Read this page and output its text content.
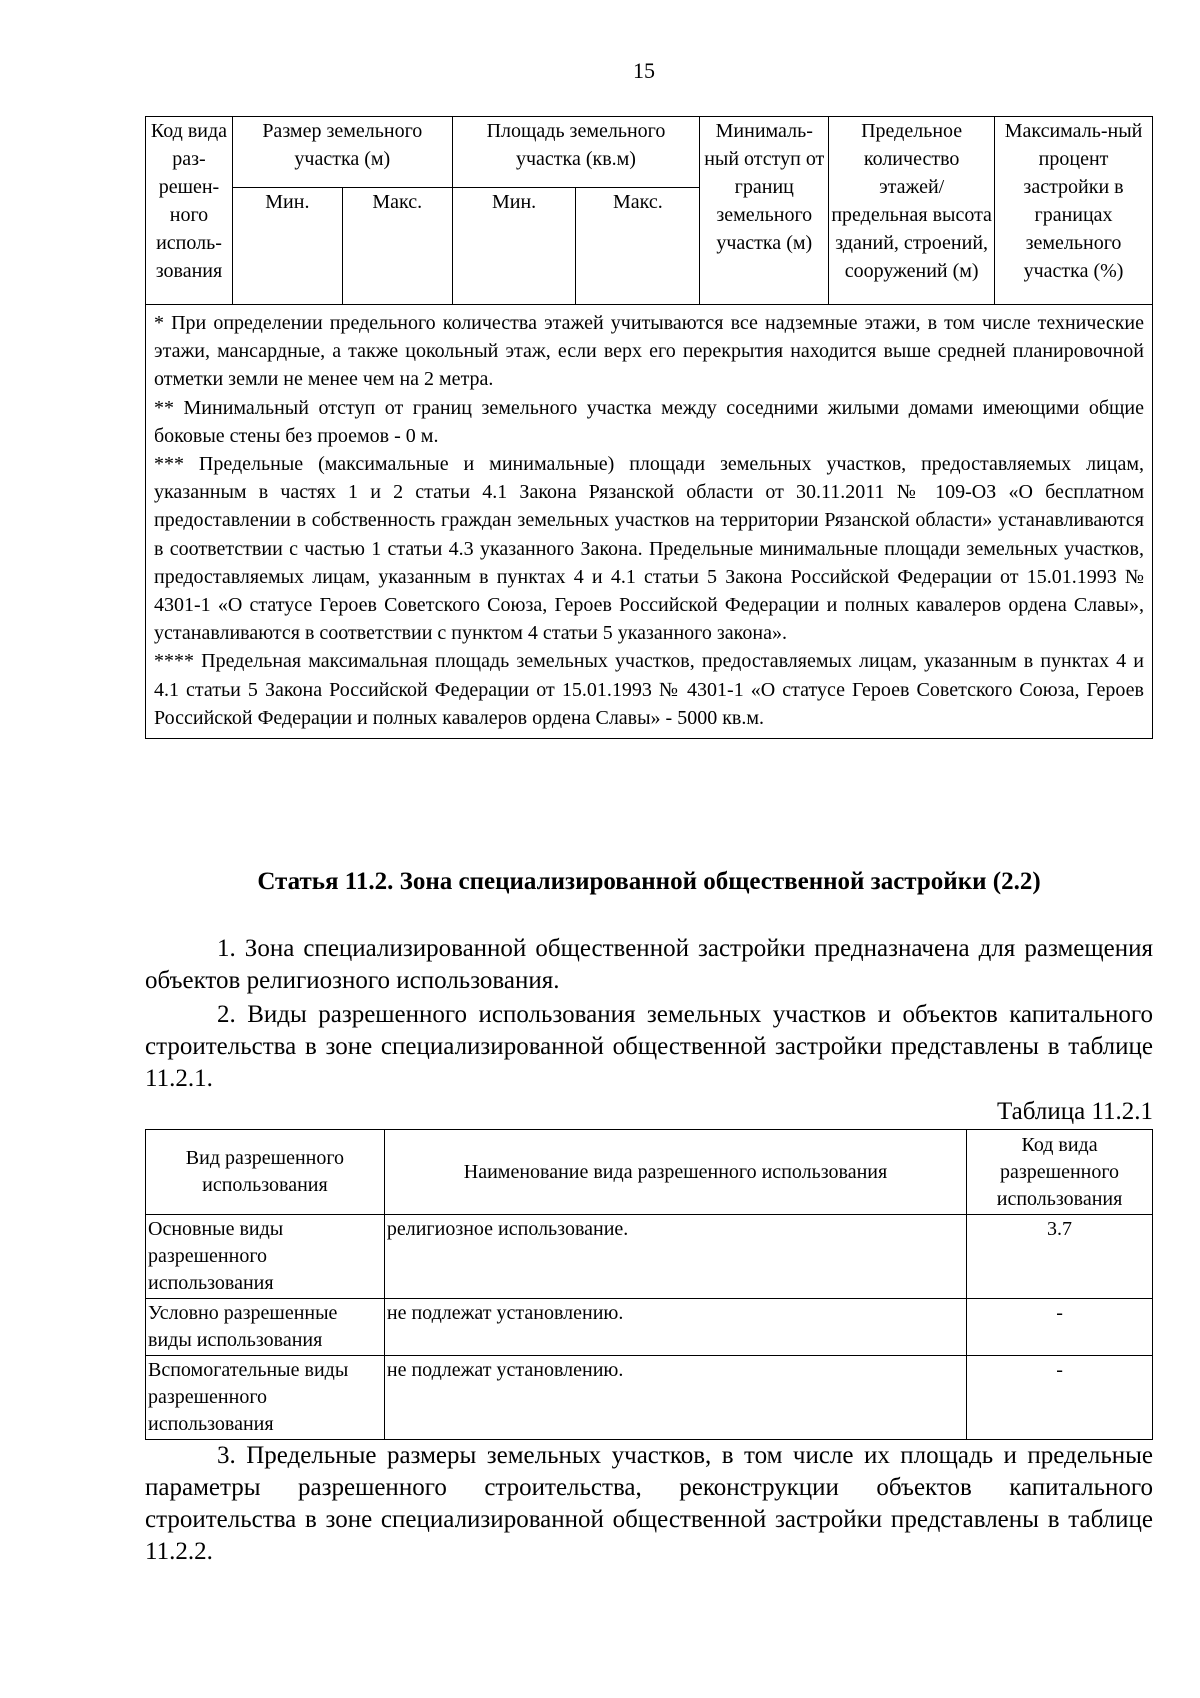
15
Код вида раз-решен-ного исполь-зования	Размер земельного участка (м)		Площадь земельного участка (кв.м)		Минималь-ный отступ от границ земельного участка (м)	Предельное количество этажей/ предельная высота зданий, строений, сооружений (м)	Максималь-ный процент застройки в границах земельного участка (%)
	Мин.	Макс.	Мин.	Макс.			

* При определении предельного количества этажей учитываются все надземные этажи, в том числе технические этажи, мансардные, а также цокольный этаж, если верх его перекрытия находится выше средней планировочной отметки земли не менее чем на 2 метра.

** Минимальный отступ от границ земельного участка между соседними жилыми домами имеющими общие боковые стены без проемов - 0 м.

*** Предельные (максимальные и минимальные) площади земельных участков, предоставляемых лицам, указанным в частях 1 и 2 статьи 4.1 Закона Рязанской области от 30.11.2011 № 109-ОЗ «О бесплатном предоставлении в собственность граждан земельных участков на территории Рязанской области» устанавливаются в соответствии с частью 1 статьи 4.3 указанного Закона. Предельные минимальные площади земельных участков, предоставляемых лицам, указанным в пунктах 4 и 4.1 статьи 5 Закона Российской Федерации от 15.01.1993 № 4301-1 «О статусе Героев Советского Союза, Героев Российской Федерации и полных кавалеров ордена Славы», устанавливаются в соответствии с пунктом 4 статьи 5 указанного закона».

**** Предельная максимальная площадь земельных участков, предоставляемых лицам, указанным в пунктах 4 и 4.1 статьи 5 Закона Российской Федерации от 15.01.1993 № 4301-1 «О статусе Героев Советского Союза, Героев Российской Федерации и полных кавалеров ордена Славы» - 5000 кв.м.							

Статья 11.2. Зона специализированной общественной застройки (2.2)

1. Зона специализированной общественной застройки предназначена для размещения объектов религиозного использования.

2. Виды разрешенного использования земельных участков и объектов капитального строительства в зоне специализированной общественной застройки представлены в таблице 11.2.1.

Таблица 11.2.1
Вид разрешенного использования	Наименование вида разрешенного использования	Код вида разрешенного использования
Основные виды разрешенного использования	религиозное использование.	3.7
Условно разрешенные виды использования	не подлежат установлению.	-
Вспомогательные виды разрешенного использования	не подлежат установлению.	-

3. Предельные размеры земельных участков, в том числе их площадь и предельные параметры разрешенного строительства, реконструкции объектов капитального строительства в зоне специализированной общественной застройки представлены в таблице 11.2.2.
